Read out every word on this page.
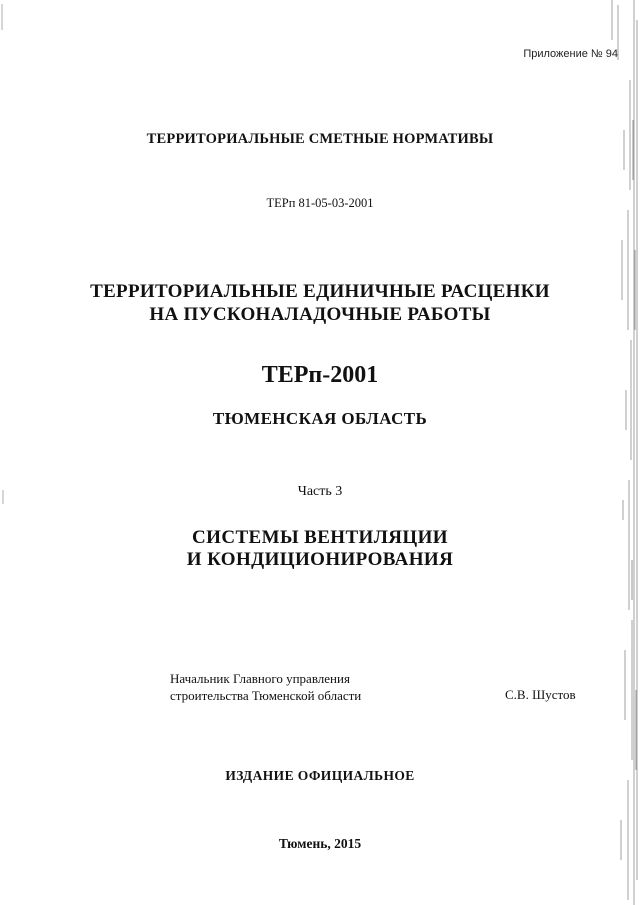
Приложение № 94
ТЕРРИТОРИАЛЬНЫЕ СМЕТНЫЕ НОРМАТИВЫ
ТЕРп 81-05-03-2001
ТЕРРИТОРИАЛЬНЫЕ ЕДИНИЧНЫЕ РАСЦЕНКИ
НА ПУСКОНАЛАДОЧНЫЕ РАБОТЫ
ТЕРп-2001
ТЮМЕНСКАЯ ОБЛАСТЬ
Часть 3
СИСТЕМЫ ВЕНТИЛЯЦИИ
И КОНДИЦИОНИРОВАНИЯ
Начальник Главного управления
строительства Тюменской области	С.В. Шустов
ИЗДАНИЕ ОФИЦИАЛЬНОЕ
Тюмень, 2015
